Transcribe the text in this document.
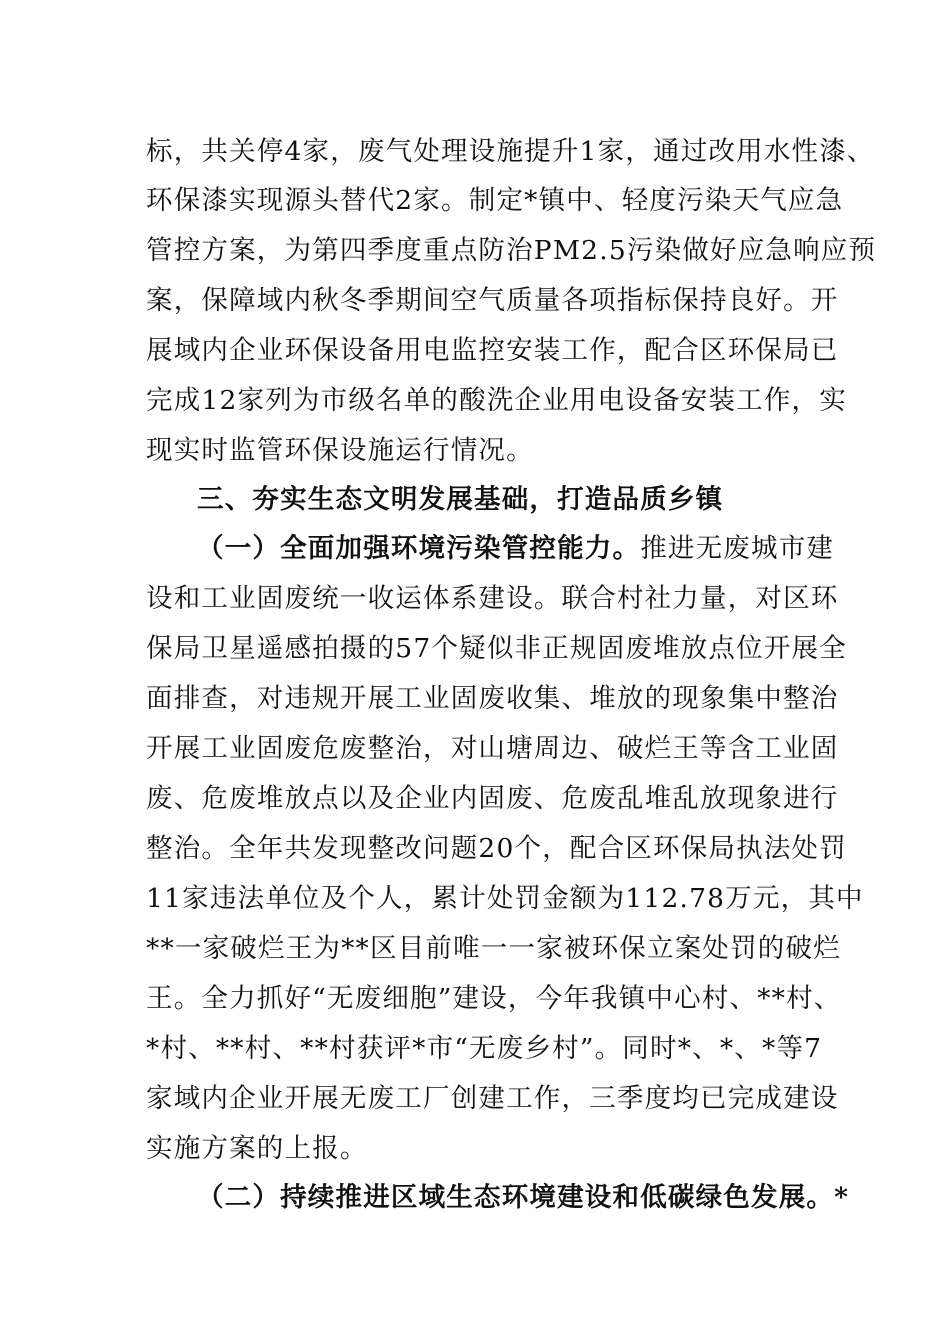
标，共关停4家，废气处理设施提升1家，通过改用水性漆、
环保漆实现源头替代2家。制定*镇中、轻度污染天气应急
管控方案，为第四季度重点防治PM2.5污染做好应急响应预
案，保障域内秋冬季期间空气质量各项指标保持良好。开
展域内企业环保设备用电监控安装工作，配合区环保局已
完成12家列为市级名单的酸洗企业用电设备安装工作，实
现实时监管环保设施运行情况。
三、夯实生态文明发展基础，打造品质乡镇
（一）全面加强环境污染管控能力。推进无废城市建
设和工业固废统一收运体系建设。联合村社力量，对区环
保局卫星遥感拍摄的57个疑似非正规固废堆放点位开展全
面排查，对违规开展工业固废收集、堆放的现象集中整治
开展工业固废危废整治，对山塘周边、破烂王等含工业固
废、危废堆放点以及企业内固废、危废乱堆乱放现象进行
整治。全年共发现整改问题20个，配合区环保局执法处罚
11家违法单位及个人，累计处罚金额为112.78万元，其中
**一家破烂王为**区目前唯一一家被环保立案处罚的破烂
王。全力抓好“无废细胞”建设，今年我镇中心村、**村、
*村、**村、**村获评*市“无废乡村”。同时*、*、*等7
家域内企业开展无废工厂创建工作，三季度均已完成建设
实施方案的上报。
（二）持续推进区域生态环境建设和低碳绿色发展。*
